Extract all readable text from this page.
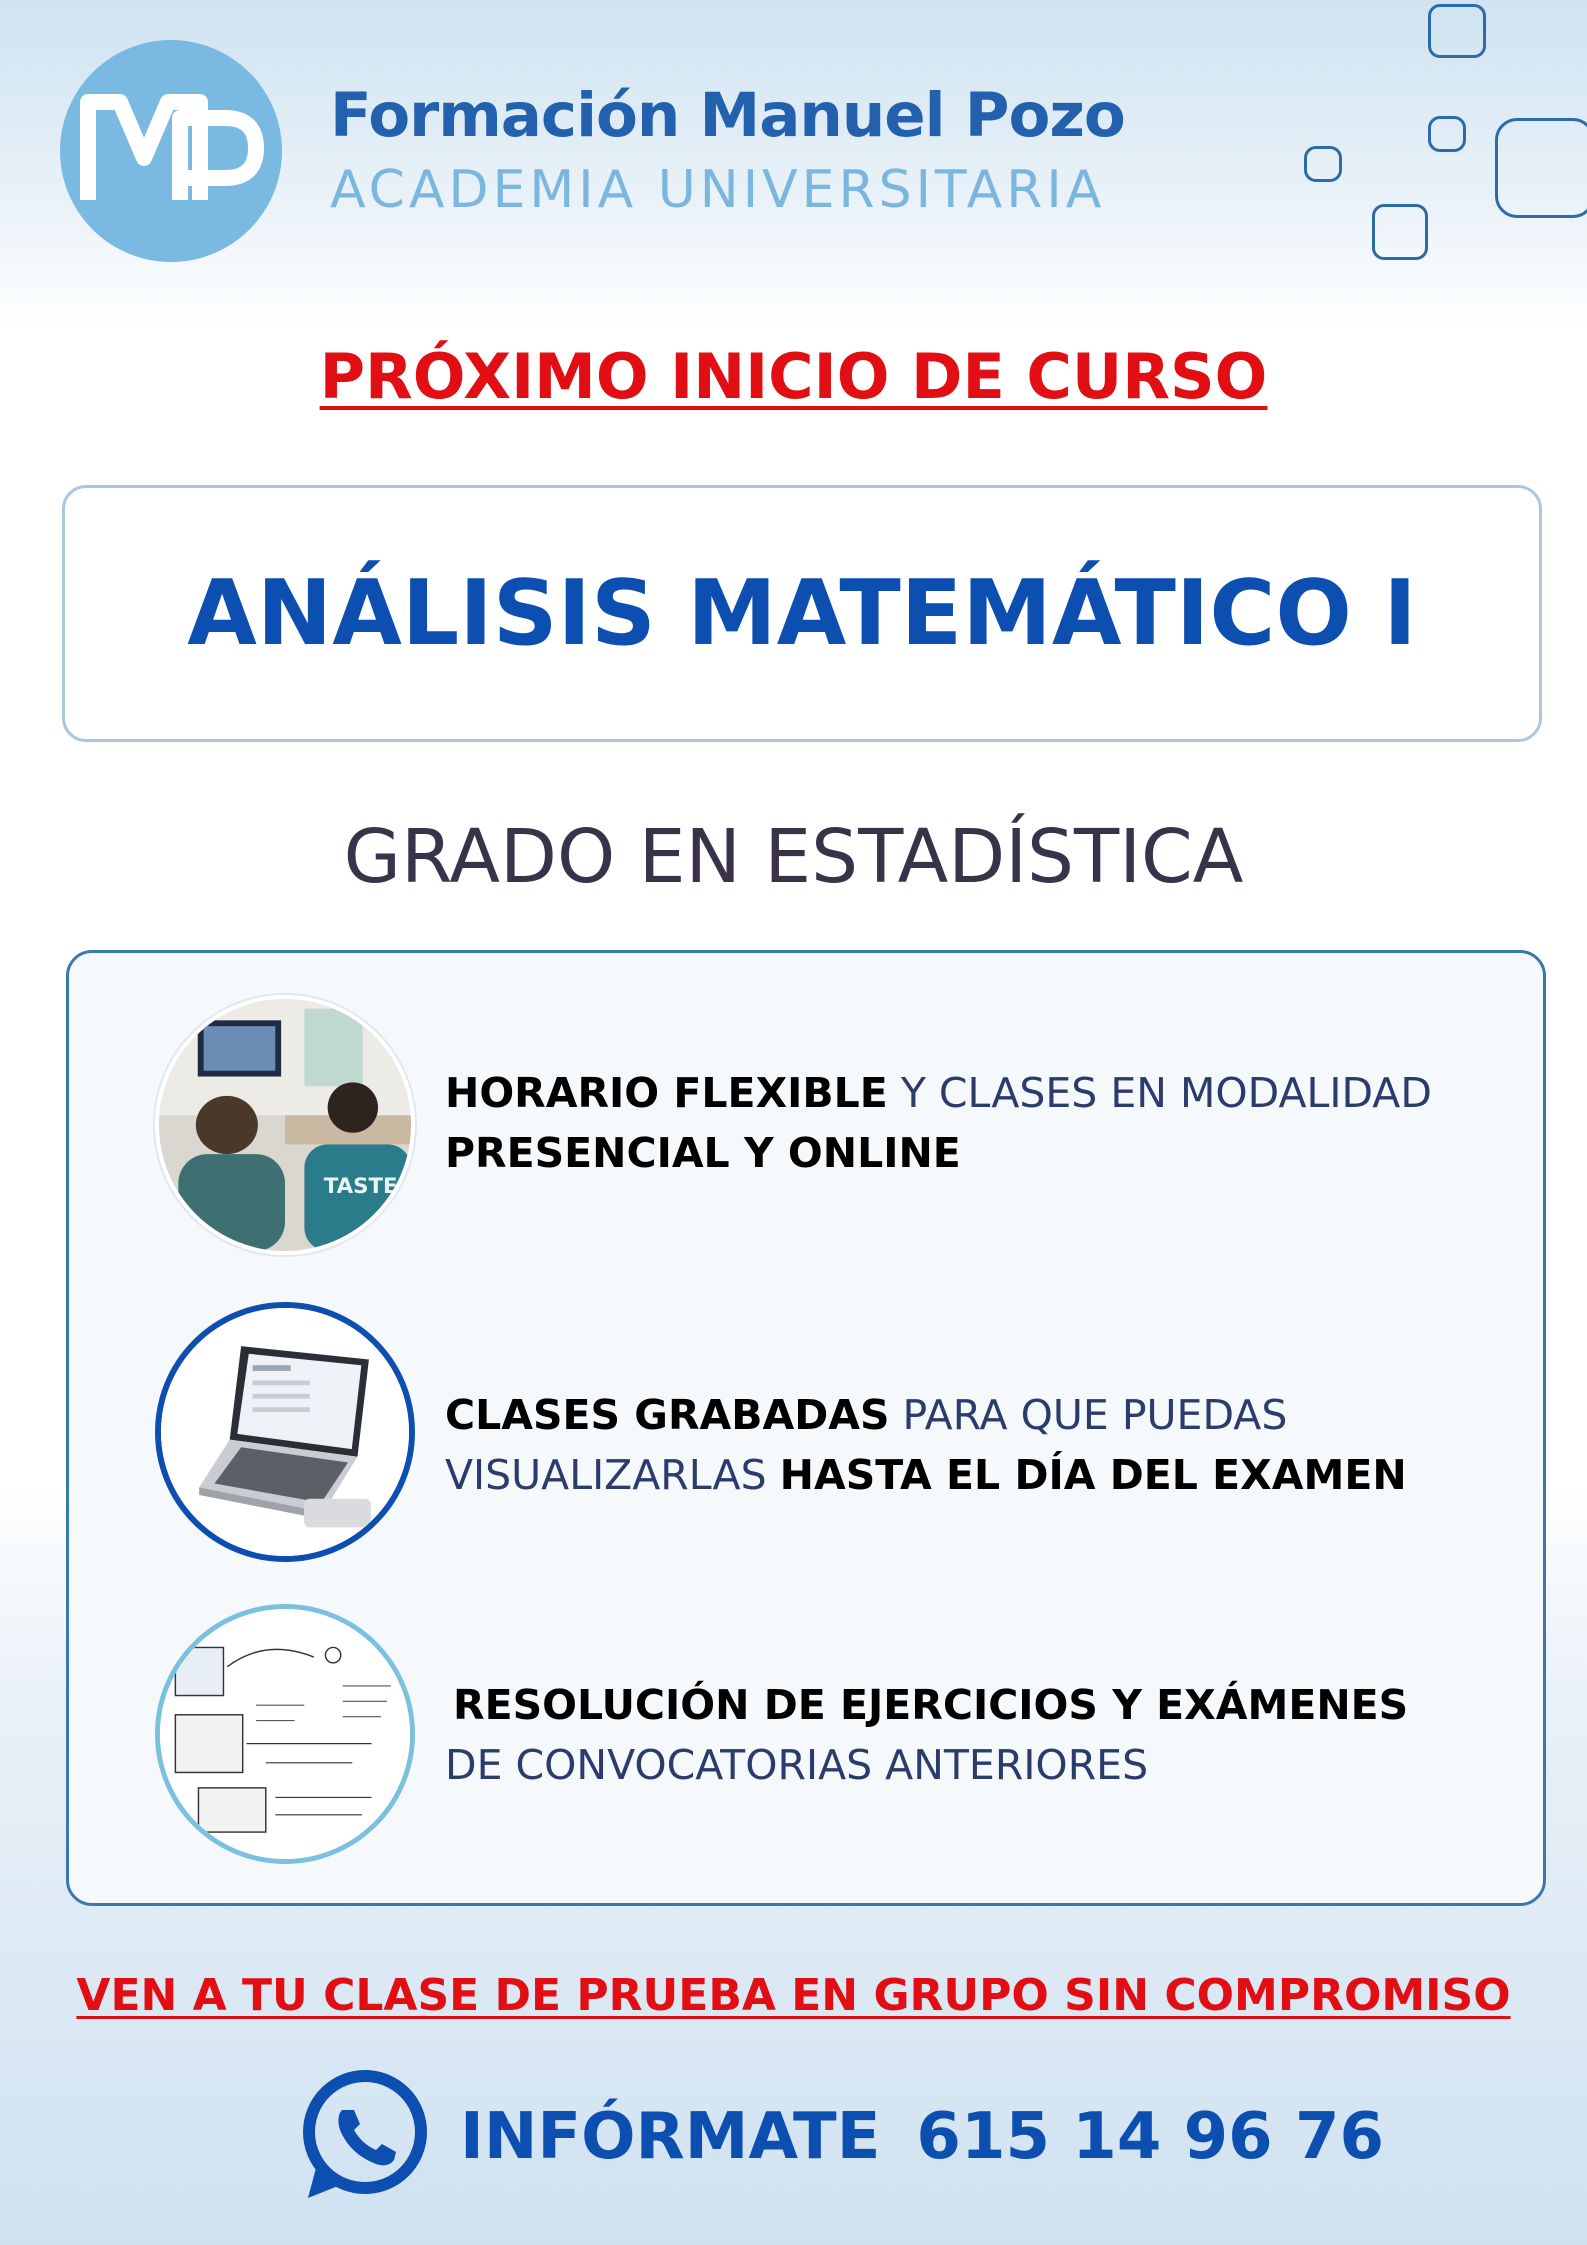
Formación Manuel Pozo
ACADEMIA UNIVERSITARIA
PRÓXIMO INICIO DE CURSO
ANÁLISIS MATEMÁTICO I
GRADO EN ESTADÍSTICA
TASTE
HORARIO FLEXIBLE Y CLASES EN MODALIDAD
PRESENCIAL Y ONLINE
CLASES GRABADAS PARA QUE PUEDAS
VISUALIZARLAS HASTA EL DÍA DEL EXAMEN
RESOLUCIÓN DE EJERCICIOS Y EXÁMENES
DE CONVOCATORIAS ANTERIORES
VEN A TU CLASE DE PRUEBA EN GRUPO SIN COMPROMISO
INFÓRMATE 615 14 96 76
